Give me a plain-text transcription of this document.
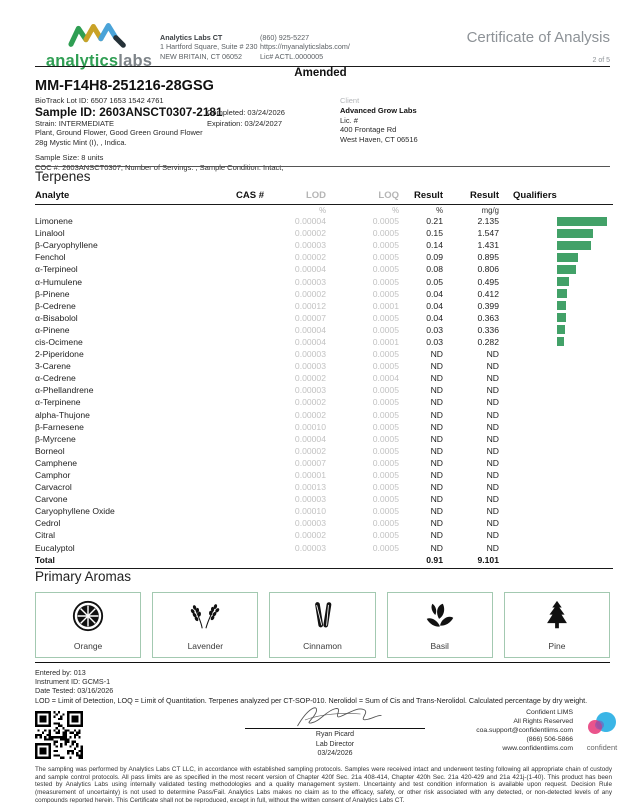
analyticslabs
Analytics Labs CT
1 Hartford Square, Suite # 230
NEW BRITAIN, CT 06052
(860) 925-5227
https://myanalyticslabs.com/
Lic# ACTL.0000005
Certificate of Analysis
2 of 5
Amended
MM-F14H8-251216-28GSG
BioTrack Lot ID: 6507 1653 1542 4761
Sample ID: 2603ANSCT0307-2181
Strain: INTERMEDIATE
Plant, Ground Flower, Good Green Ground Flower
28g Mystic Mint (I), , Indica.
Sample Size: 8 units
COC #: 2603ANSCT0307; Number of Servings: ; Sample Condition: Intact;
Completed: 03/24/2026
Expiration: 03/24/2027
Client
Advanced Grow Labs
Lic. #
400 Frontage Rd
West Haven, CT 06516
Terpenes
Analyte	CAS #	LOD	LOQ	Result	Result	Qualifiers
%	%	%	mg/g
Limonene	0.00004	0.0005	0.21	2.135
Linalool	0.00002	0.0005	0.15	1.547
β-Caryophyllene	0.00003	0.0005	0.14	1.431
Fenchol	0.00002	0.0005	0.09	0.895
α-Terpineol	0.00004	0.0005	0.08	0.806
α-Humulene	0.00003	0.0005	0.05	0.495
β-Pinene	0.00002	0.0005	0.04	0.412
β-Cedrene	0.00012	0.0001	0.04	0.399
α-Bisabolol	0.00007	0.0005	0.04	0.363
α-Pinene	0.00004	0.0005	0.03	0.336
cis-Ocimene	0.00004	0.0001	0.03	0.282
2-Piperidone	0.00003	0.0005	ND	ND
3-Carene	0.00003	0.0005	ND	ND
α-Cedrene	0.00002	0.0004	ND	ND
α-Phellandrene	0.00003	0.0005	ND	ND
α-Terpinene	0.00002	0.0005	ND	ND
alpha-Thujone	0.00002	0.0005	ND	ND
β-Farnesene	0.00010	0.0005	ND	ND
β-Myrcene	0.00004	0.0005	ND	ND
Borneol	0.00002	0.0005	ND	ND
Camphene	0.00007	0.0005	ND	ND
Camphor	0.00001	0.0005	ND	ND
Carvacrol	0.00013	0.0005	ND	ND
Carvone	0.00003	0.0005	ND	ND
Caryophyllene Oxide	0.00010	0.0005	ND	ND
Cedrol	0.00003	0.0005	ND	ND
Citral	0.00002	0.0005	ND	ND
Eucalyptol	0.00003	0.0005	ND	ND
Total	0.91	9.101
Primary Aromas
Orange	Lavender	Cinnamon	Basil	Pine
Entered by: 013
Instrument ID: GCMS-1
Date Tested: 03/16/2026
LOD = Limit of Detection, LOQ = Limit of Quantitation. Terpenes analyzed per CT-SOP-010. Nerolidol = Sum of Cis and Trans-Nerolidol. Calculated percentage by dry weight.
Ryan Picard
Lab Director
03/24/2026
Confident LIMS
All Rights Reserved
coa.support@confidentlims.com
(866) 506-5866
www.confidentlims.com	confident
The sampling was performed by Analytics Labs CT LLC, in accordance with established sampling protocols. Samples were received intact and underwent testing following all appropriate chain of custody and sample control protocols. All pass limits are as specified in the most recent version of Chapter 420f Sec. 21a 408-414, Chapter 420h Sec. 21a 420-429 and 21a 421j-(1-40). This product has been tested by Analytics Labs using internally validated testing methodologies and a quality management system. Uncertainty and test condition information is available upon request. Decision Rule (measurement of uncertainty) is not used to determine Pass/Fail. Analytics Labs makes no claim as to the efficacy, safety, or other risk associated with any detected, or non-detected levels of any compounds reported herein. This Certificate shall not be reproduced, except in full, without the written consent of Analytics Labs CT.
